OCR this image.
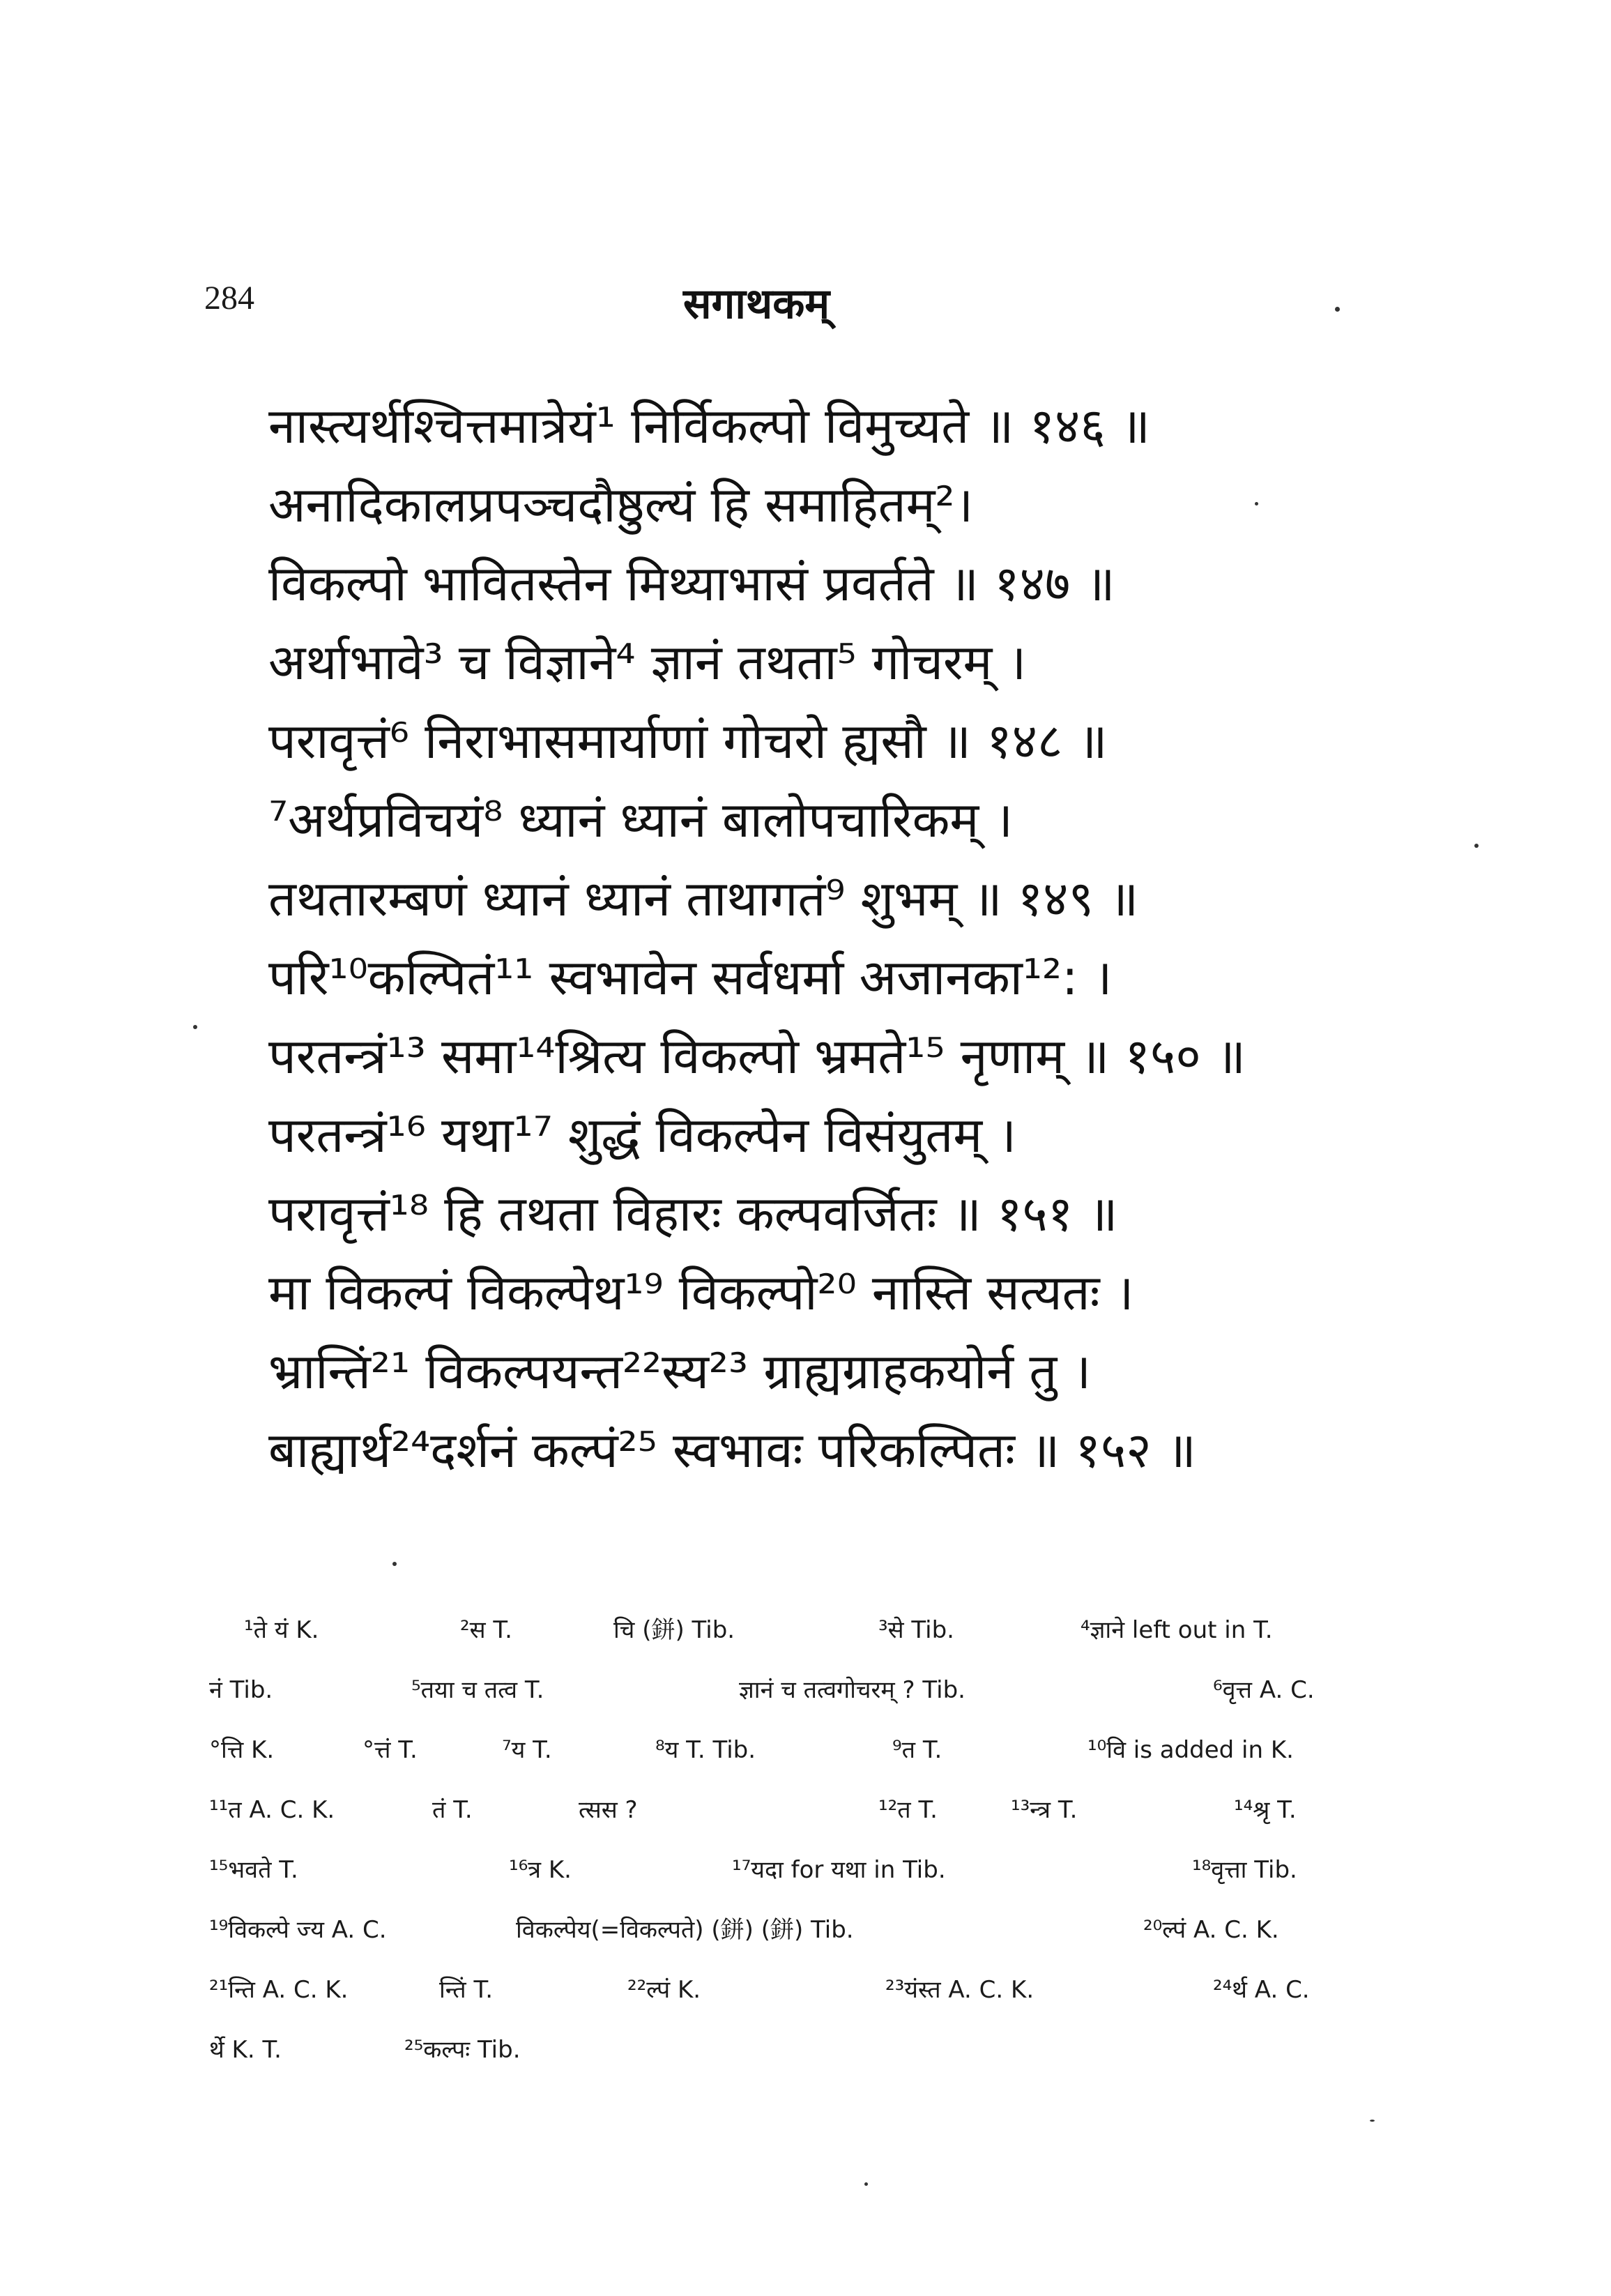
284	सगाथकम्
नास्त्यर्थश्चित्तमात्रेयं¹ निर्विकल्पो विमुच्यते ॥ १४६ ॥
अनादिकालप्रपञ्चदौष्ठुल्यं हि समाहितम्²।
विकल्पो भावितस्तेन मिथ्याभासं प्रवर्तते ॥ १४७ ॥
अर्थाभावे³ च विज्ञाने⁴ ज्ञानं तथता⁵ गोचरम् ।
परावृत्तं⁶ निराभासमार्याणां गोचरो ह्यसौ ॥ १४८ ॥
⁷अर्थप्रविचयं⁸ ध्यानं ध्यानं बालोपचारिकम् ।
तथतारम्बणं ध्यानं ध्यानं ताथागतं⁹ शुभम् ॥ १४९ ॥
परि¹⁰कल्पितं¹¹ स्वभावेन सर्वधर्मा अजानका¹²: ।
परतन्त्रं¹³ समा¹⁴श्रित्य विकल्पो भ्रमते¹⁵ नृणाम् ॥ १५० ॥
परतन्त्रं¹⁶ यथा¹⁷ शुद्धं विकल्पेन विसंयुतम् ।
परावृत्तं¹⁸ हि तथता विहारः कल्पवर्जितः ॥ १५१ ॥
मा विकल्पं विकल्पेथ¹⁹ विकल्पो²⁰ नास्ति सत्यतः ।
भ्रान्तिं²¹ विकल्पयन्त²²स्य²³ ग्राह्यग्राहकयोर्न तु ।
बाह्यार्थ²⁴दर्शनं कल्पं²⁵ स्वभावः परिकल्पितः ॥ १५२ ॥
¹ते यं K.	²स T.	चि (鉼) Tib.	³से Tib.	⁴ज्ञाने left out in T.
नं Tib.	⁵तया च तत्व T.	ज्ञानं च तत्वगोचरम् ? Tib.	⁶वृत्त A. C.
°त्ति K.	°त्तं T.	⁷य T.	⁸य T. Tib.	⁹त T.	¹⁰वि is added in K.
¹¹त A. C. K.	तं T.	त्सस ?	¹²त T.	¹³न्त्र T.	¹⁴श्रृ T.
¹⁵भवते T.	¹⁶त्र K.	¹⁷यदा for यथा in Tib.	¹⁸वृत्ता Tib.
¹⁹विकल्पे ज्य A. C.	विकल्पेय(=विकल्पते) (鉼) (鉼) Tib.	²⁰ल्पं A. C. K.
²¹न्ति A. C. K.	न्तिं T.	²²ल्पं K.	²³यंस्त A. C. K.	²⁴र्थ A. C.
र्थे K. T.	²⁵कल्पः Tib.
